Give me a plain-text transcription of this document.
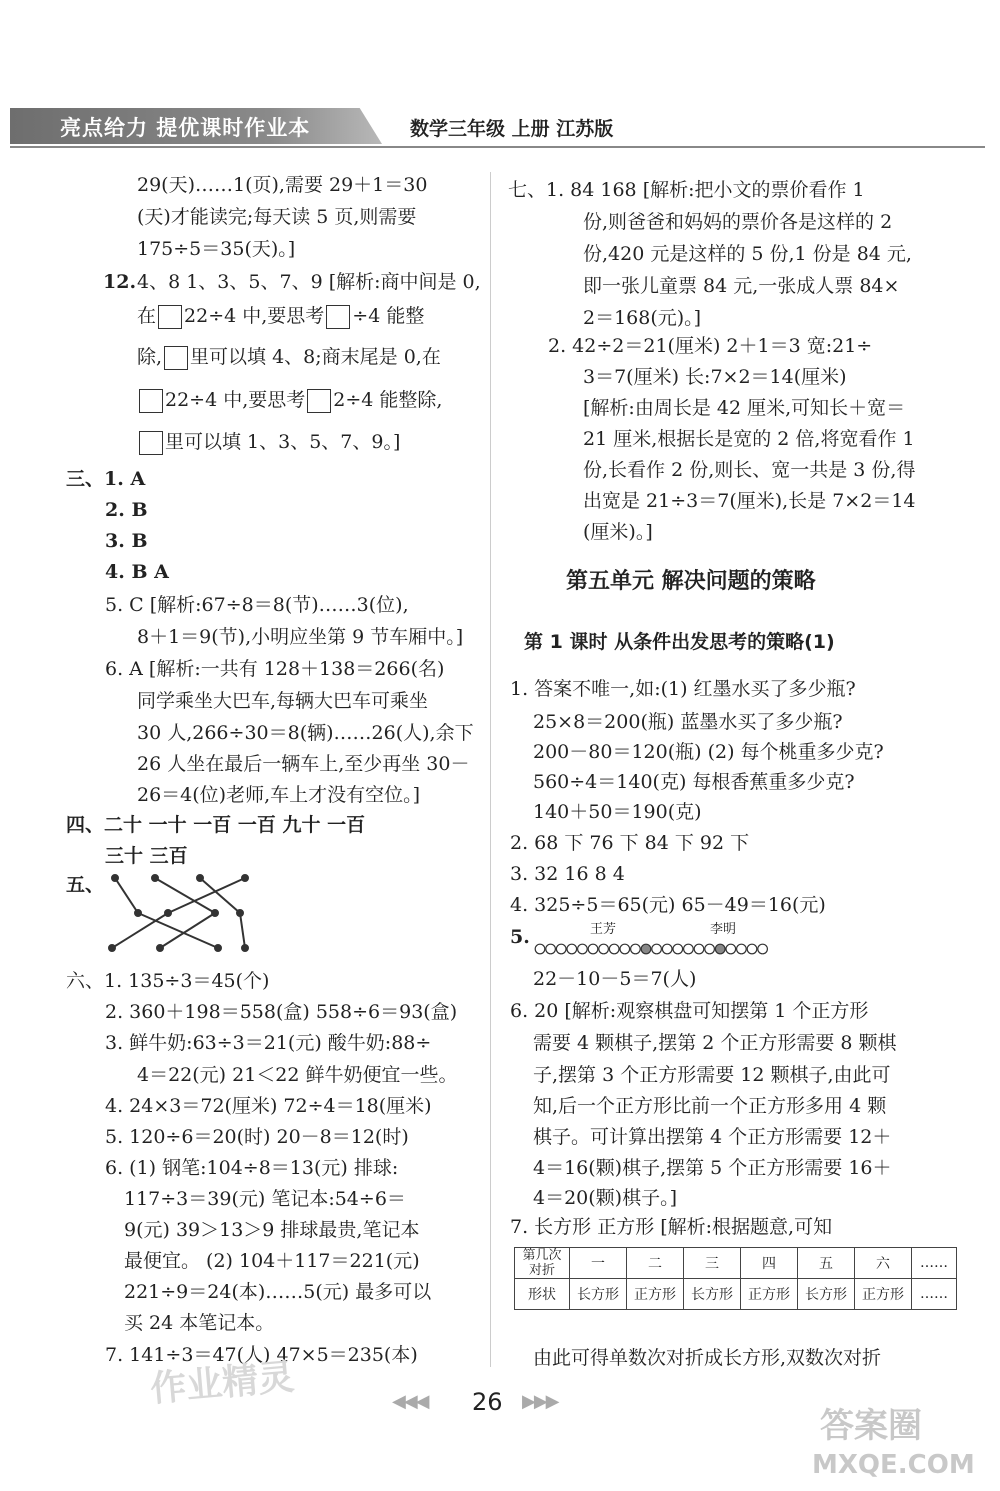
亮点给力 提优课时作业本	数学三年级 上册 江苏版
29(天)……1(页),需要 29＋1＝30
(天)才能读完;每天读 5 页,则需要
175÷5＝35(天)。]
12. 4、8 1、3、5、7、9 [解析:商中间是 0,
在 22÷4 中,要思考 ÷4 能整
除, 里可以填 4、8;商末尾是 0,在
22÷4 中,要思考 2÷4 能整除,
里可以填 1、3、5、7、9。]
三、1. A
2. B
3. B
4. B A
5. C [解析:67÷8＝8(节)……3(位),
8＋1＝9(节),小明应坐第 9 节车厢中。]
6. A [解析:一共有 128＋138＝266(名)
同学乘坐大巴车,每辆大巴车可乘坐
30 人,266÷30＝8(辆)……26(人),余下
26 人坐在最后一辆车上,至少再坐 30－
26＝4(位)老师,车上才没有空位。]
四、二十 一十 一百 一百 九十 一百
三十 三百
五、
六、1. 135÷3＝45(个)
2. 360＋198＝558(盒) 558÷6＝93(盒)
3. 鲜牛奶:63÷3＝21(元) 酸牛奶:88÷
4＝22(元) 21＜22 鲜牛奶便宜一些。
4. 24×3＝72(厘米) 72÷4＝18(厘米)
5. 120÷6＝20(时) 20－8＝12(时)
6. (1) 钢笔:104÷8＝13(元) 排球:
117÷3＝39(元) 笔记本:54÷6＝
9(元) 39＞13＞9 排球最贵,笔记本
最便宜。 (2) 104＋117＝221(元)
221÷9＝24(本)……5(元) 最多可以
买 24 本笔记本。
7. 141÷3＝47(人) 47×5＝235(本)
七、1. 84 168 [解析:把小文的票价看作 1
份,则爸爸和妈妈的票价各是这样的 2
份,420 元是这样的 5 份,1 份是 84 元,
即一张儿童票 84 元,一张成人票 84×
2＝168(元)。]
2. 42÷2＝21(厘米) 2＋1＝3 宽:21÷
3＝7(厘米) 长:7×2＝14(厘米)
[解析:由周长是 42 厘米,可知长＋宽＝
21 厘米,根据长是宽的 2 倍,将宽看作 1
份,长看作 2 份,则长、宽一共是 3 份,得
出宽是 21÷3＝7(厘米),长是 7×2＝14
(厘米)。]
第五单元 解决问题的策略
第 1 课时 从条件出发思考的策略(1)
1. 答案不唯一,如:(1) 红墨水买了多少瓶?
25×8＝200(瓶) 蓝墨水买了多少瓶?
200－80＝120(瓶) (2) 每个桃重多少克?
560÷4＝140(克) 每根香蕉重多少克?
140＋50＝190(克)
2. 68 下 76 下 84 下 92 下
3. 32 16 8 4
4. 325÷5＝65(元) 65－49＝16(元)
5.	王芳	李明
22－10－5＝7(人)
6. 20 [解析:观察棋盘可知摆第 1 个正方形
需要 4 颗棋子,摆第 2 个正方形需要 8 颗棋
子,摆第 3 个正方形需要 12 颗棋子,由此可
知,后一个正方形比前一个正方形多用 4 颗
棋子。可计算出摆第 4 个正方形需要 12＋
4＝16(颗)棋子,摆第 5 个正方形需要 16＋
4＝20(颗)棋子。]
7. 长方形 正方形 [解析:根据题意,可知
第几次对折	一	二	三	四	五	六	……
形状	长方形	正方形	长方形	正方形	长方形	正方形	……
由此可得单数次对折成长方形,双数次对折
◀◀◀ 26 ▶▶▶
作业精灵
答案圈
MXQE.COM
